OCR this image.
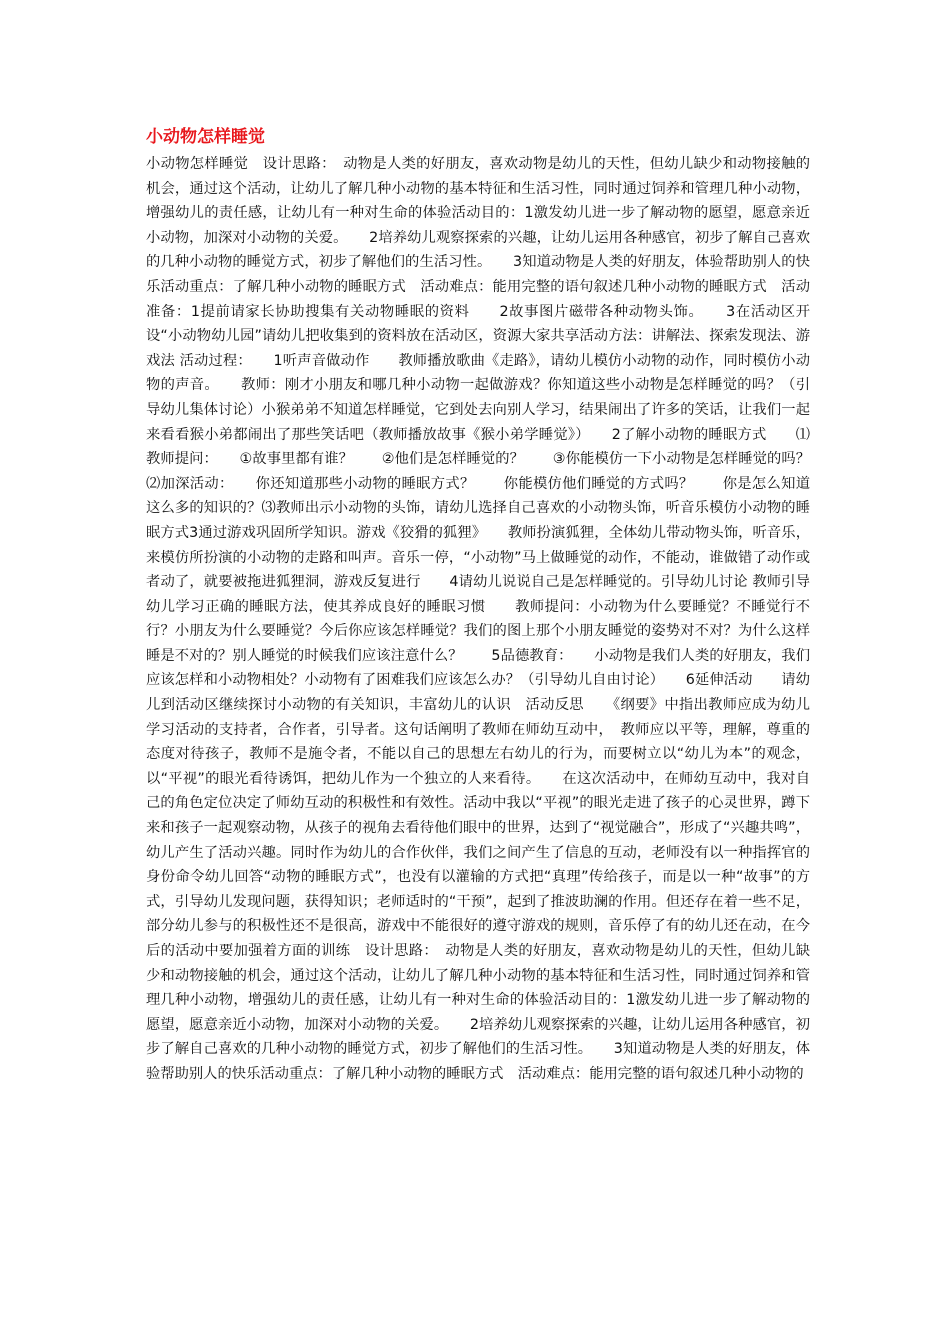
小动物怎样睡觉

小动物怎样睡觉　设计思路：　动物是人类的好朋友，喜欢动物是幼儿的天性，但幼儿缺少和动物接触的机会，通过这个活动，让幼儿了解几种小动物的基本特征和生活习性，同时通过饲养和管理几种小动物，增强幼儿的责任感，让幼儿有一种对生命的体验活动目的：1激发幼儿进一步了解动物的愿望，愿意亲近小动物，加深对小动物的关爱。　　2培养幼儿观察探索的兴趣，让幼儿运用各种感官，初步了解自己喜欢的几种小动物的睡觉方式，初步了解他们的生活习性。　　3知道动物是人类的好朋友，体验帮助别人的快乐活动重点：了解几种小动物的睡眠方式　活动难点：能用完整的语句叙述几种小动物的睡眠方式　活动准备：1提前请家长协助搜集有关动物睡眠的资料　　2故事图片磁带各种动物头饰。　　3在活动区开设“小动物幼儿园”请幼儿把收集到的资料放在活动区，资源大家共享活动方法：讲解法、探索发现法、游戏法 活动过程：　　1听声音做动作　　教师播放歌曲《走路》，请幼儿模仿小动物的动作，同时模仿小动物的声音。　　教师：刚才小朋友和哪几种小动物一起做游戏？你知道这些小动物是怎样睡觉的吗？（引导幼儿集体讨论）小猴弟弟不知道怎样睡觉，它到处去向别人学习，结果闹出了许多的笑话，让我们一起来看看猴小弟都闹出了那些笑话吧（教师播放故事《猴小弟学睡觉》）　　2了解小动物的睡眠方式　　⑴教师提问：　　①故事里都有谁？　　②他们是怎样睡觉的？　　③你能模仿一下小动物是怎样睡觉的吗？　　⑵加深活动：　　你还知道那些小动物的睡眠方式？　　你能模仿他们睡觉的方式吗？　　你是怎么知道这么多的知识的？⑶教师出示小动物的头饰，请幼儿选择自己喜欢的小动物头饰，听音乐模仿小动物的睡眠方式3通过游戏巩固所学知识。游戏《狡猾的狐狸》　　教师扮演狐狸，全体幼儿带动物头饰，听音乐，来模仿所扮演的小动物的走路和叫声。音乐一停，“小动物”马上做睡觉的动作，不能动，谁做错了动作或者动了，就要被拖进狐狸洞，游戏反复进行　　4请幼儿说说自己是怎样睡觉的。引导幼儿讨论 教师引导幼儿学习正确的睡眠方法，使其养成良好的睡眠习惯　　教师提问：小动物为什么要睡觉？不睡觉行不行？小朋友为什么要睡觉？今后你应该怎样睡觉？我们的图上那个小朋友睡觉的姿势对不对？为什么这样睡是不对的？别人睡觉的时候我们应该注意什么？　　5品德教育：　　小动物是我们人类的好朋友，我们应该怎样和小动物相处？小动物有了困难我们应该怎么办？（引导幼儿自由讨论）　　6延伸活动　　请幼儿到活动区继续探讨小动物的有关知识，丰富幼儿的认识　活动反思　　《纲要》中指出教师应成为幼儿学习活动的支持者，合作者，引导者。这句话阐明了教师在师幼互动中，　教师应以平等，理解，尊重的态度对待孩子，教师不是施令者，不能以自己的思想左右幼儿的行为，而要树立以“幼儿为本”的观念，以“平视”的眼光看待诱饵，把幼儿作为一个独立的人来看待。　　在这次活动中，在师幼互动中，我对自己的角色定位决定了师幼互动的积极性和有效性。活动中我以“平视”的眼光走进了孩子的心灵世界，蹲下来和孩子一起观察动物，从孩子的视角去看待他们眼中的世界，达到了“视觉融合”，形成了“兴趣共鸣”，幼儿产生了活动兴趣。同时作为幼儿的合作伙伴，我们之间产生了信息的互动，老师没有以一种指挥官的身份命令幼儿回答“动物的睡眠方式”，也没有以灌输的方式把“真理”传给孩子，而是以一种“故事”的方式，引导幼儿发现问题，获得知识；老师适时的“干预”，起到了推波助澜的作用。但还存在着一些不足，部分幼儿参与的积极性还不是很高，游戏中不能很好的遵守游戏的规则，音乐停了有的幼儿还在动，在今后的活动中要加强着方面的训练　设计思路：　动物是人类的好朋友，喜欢动物是幼儿的天性，但幼儿缺少和动物接触的机会，通过这个活动，让幼儿了解几种小动物的基本特征和生活习性，同时通过饲养和管理几种小动物，增强幼儿的责任感，让幼儿有一种对生命的体验活动目的：1激发幼儿进一步了解动物的愿望，愿意亲近小动物，加深对小动物的关爱。　　2培养幼儿观察探索的兴趣，让幼儿运用各种感官，初步了解自己喜欢的几种小动物的睡觉方式，初步了解他们的生活习性。　　3知道动物是人类的好朋友，体验帮助别人的快乐活动重点：了解几种小动物的睡眠方式　活动难点：能用完整的语句叙述几种小动物的
